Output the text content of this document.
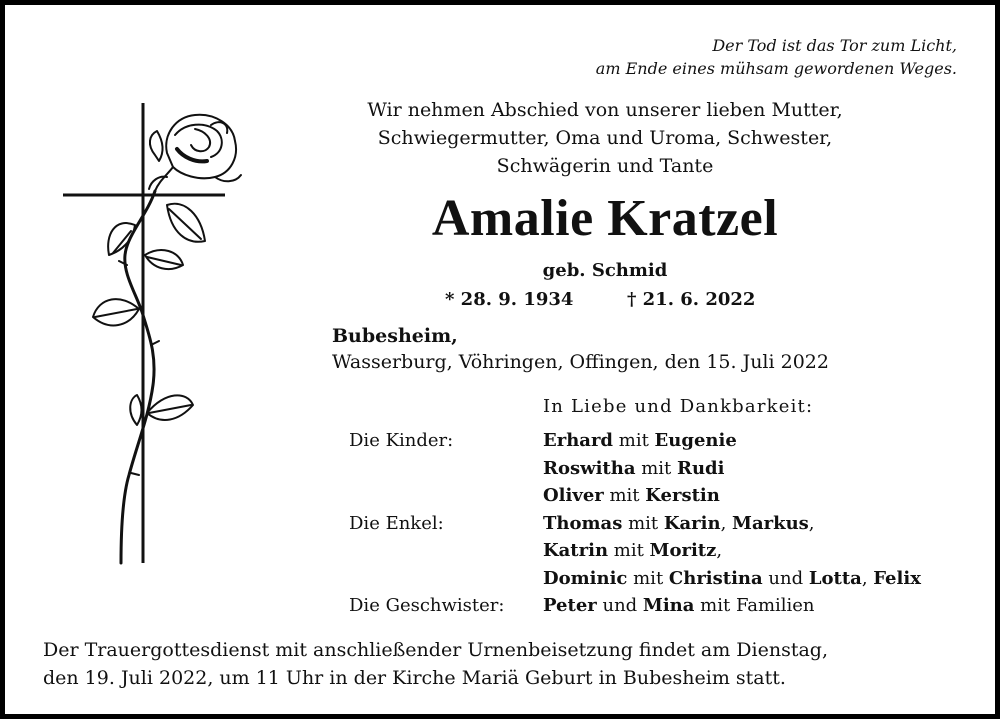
Der Tod ist das Tor zum Licht,
am Ende eines mühsam gewordenen Weges.
Wir nehmen Abschied von unserer lieben Mutter,
Schwiegermutter, Oma und Uroma, Schwester,
Schwägerin und Tante
Amalie Kratzel
geb. Schmid
* 28. 9. 1934	† 21. 6. 2022
Bubesheim,
Wasserburg, Vöhringen, Offingen, den 15. Juli 2022
In Liebe und Dankbarkeit:
Die Kinder:	Erhard mit Eugenie
Roswitha mit Rudi
Oliver mit Kerstin
Die Enkel:	Thomas mit Karin, Markus,
Katrin mit Moritz,
Dominic mit Christina und Lotta, Felix
Die Geschwister: Peter und Mina mit Familien
Der Trauergottesdienst mit anschließender Urnenbeisetzung findet am Dienstag,
den 19. Juli 2022, um 11 Uhr in der Kirche Mariä Geburt in Bubesheim statt.
